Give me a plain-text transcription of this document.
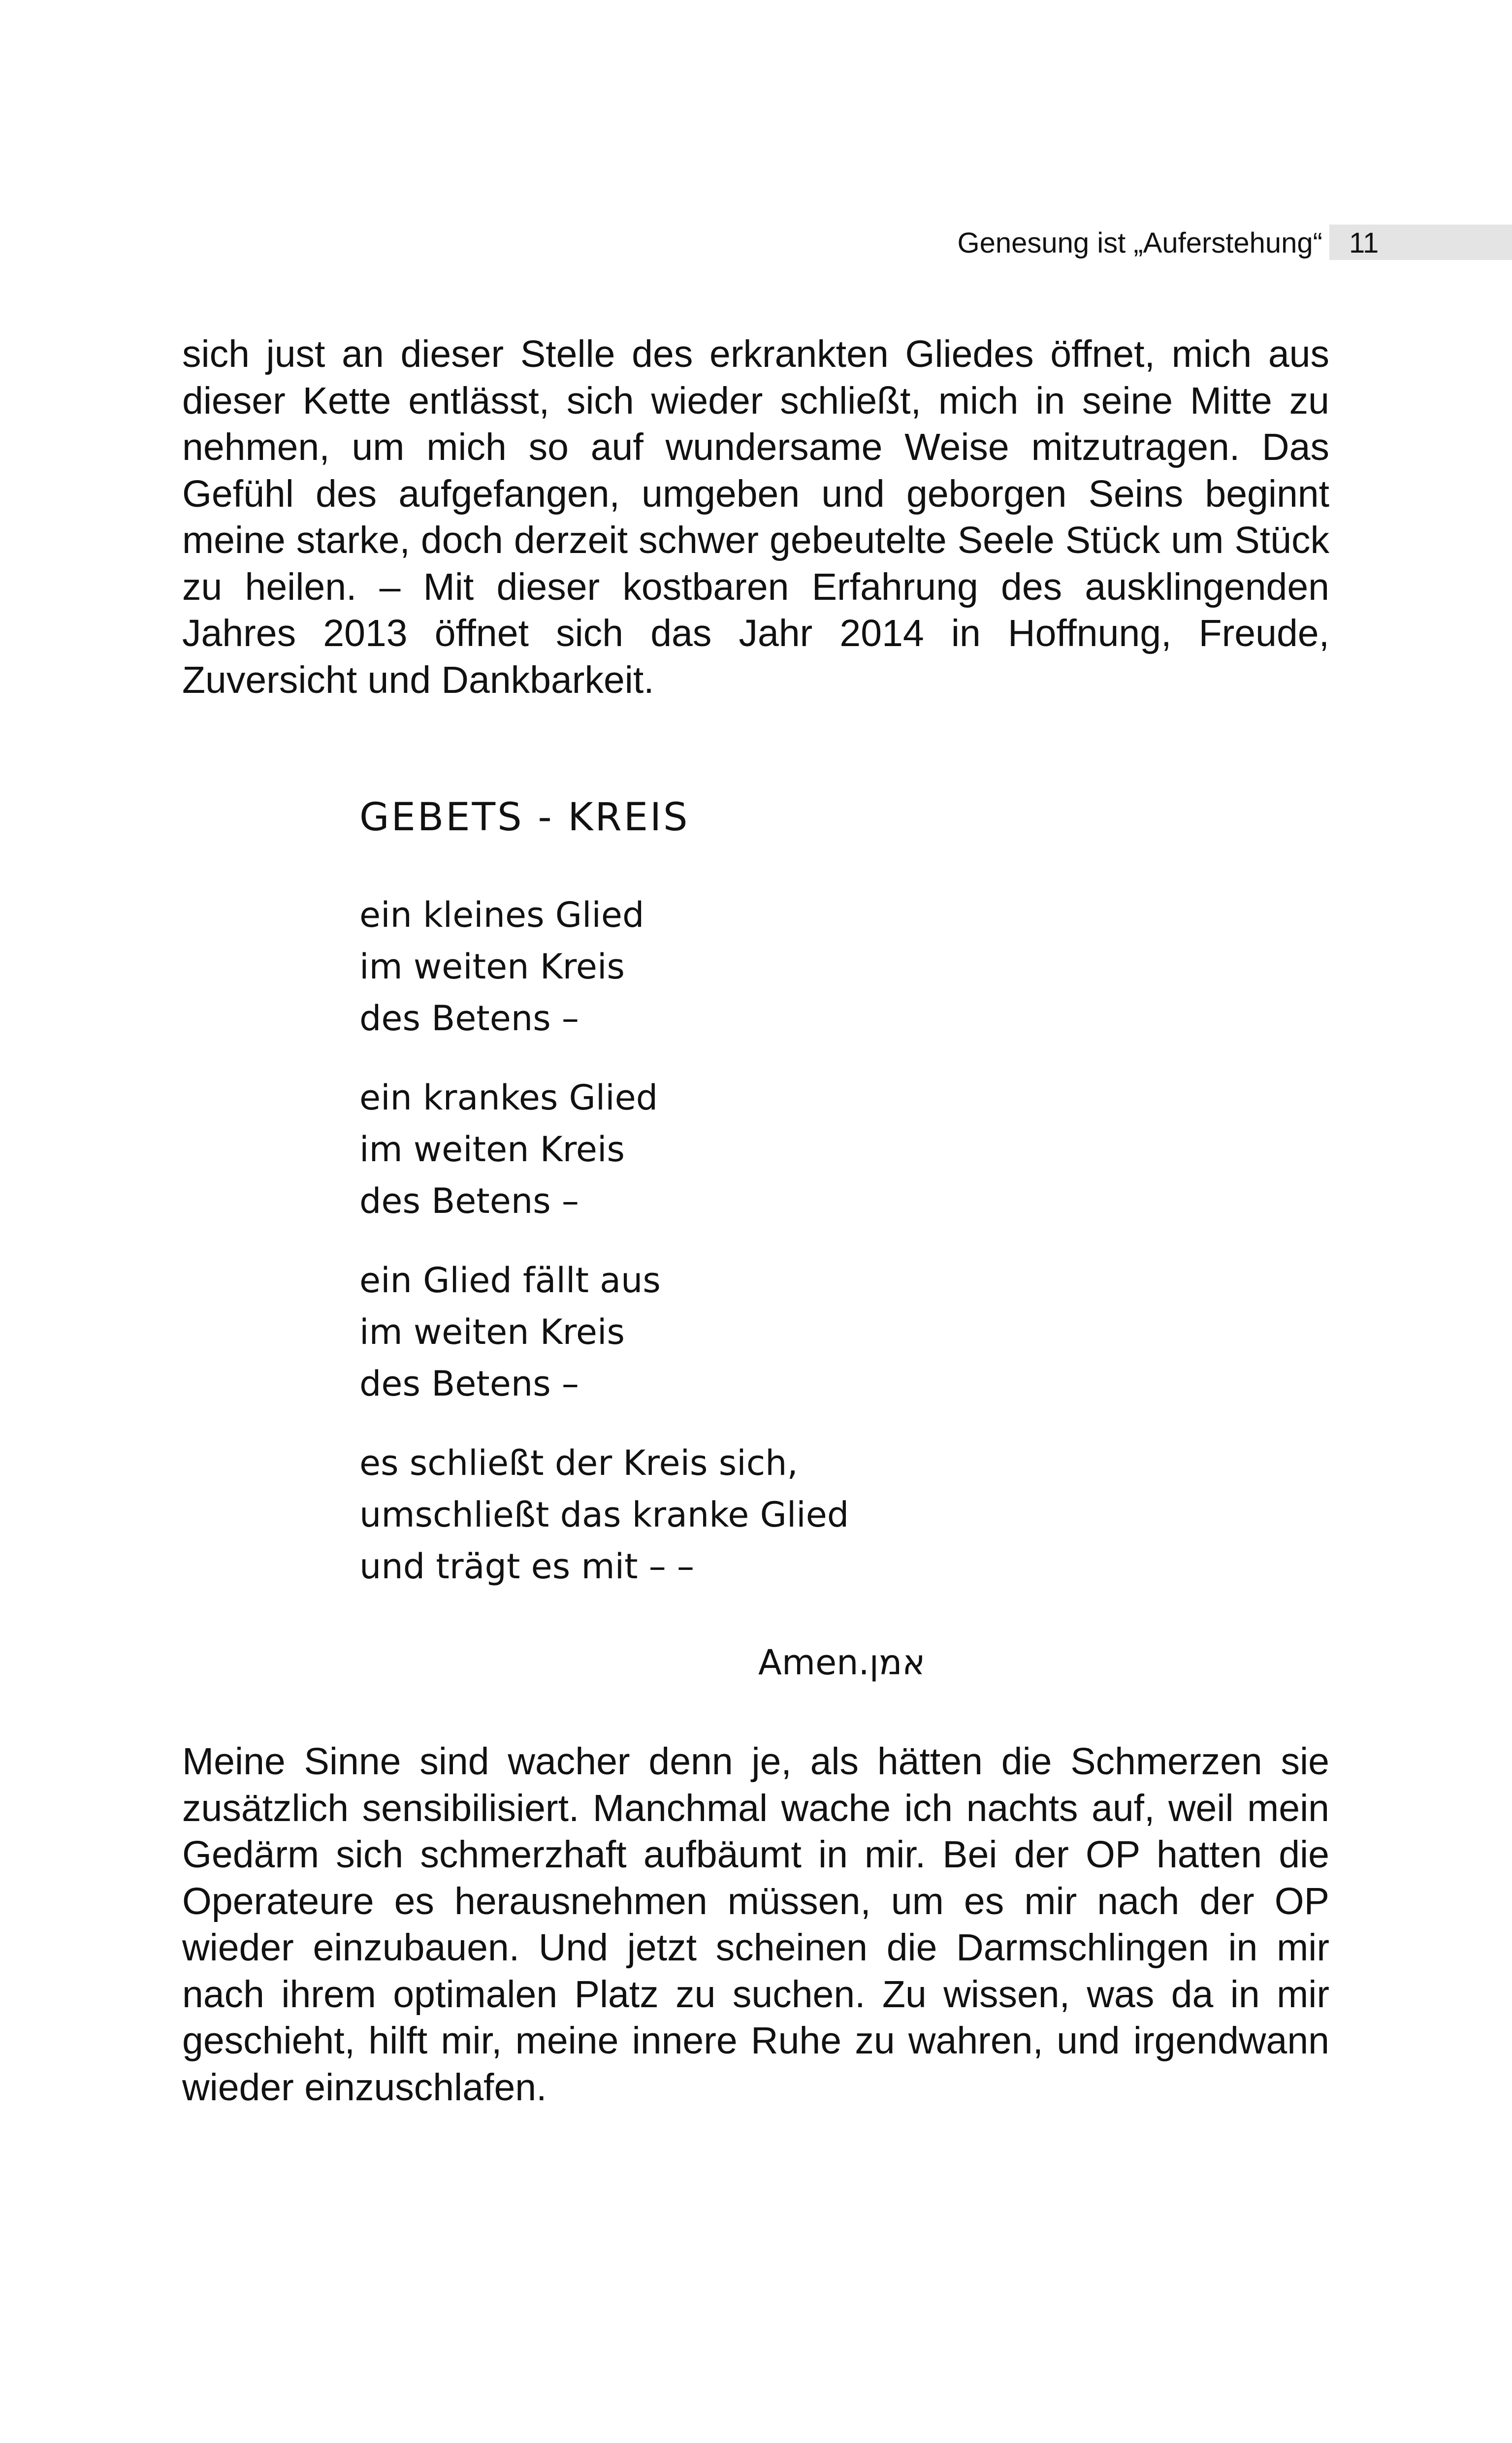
Genesung ist „Auferstehung“ 11

sich just an dieser Stelle des erkrankten Gliedes öffnet, mich aus dieser Kette entlässt, sich wieder schließt, mich in seine Mitte zu nehmen, um mich so auf wundersame Weise mitzutragen. Das Gefühl des aufgefangen, umgeben und geborgen Seins beginnt meine starke, doch derzeit schwer gebeutelte Seele Stück um Stück zu heilen. – Mit dieser kostbaren Erfahrung des ausklingenden Jahres 2013 öffnet sich das Jahr 2014 in Hoffnung, Freude, Zuversicht und Dankbarkeit.

GEBETS - KREIS
ein kleines Glied
im weiten Kreis
des Betens –
ein krankes Glied
im weiten Kreis
des Betens –
ein Glied fällt aus
im weiten Kreis
des Betens –
es schließt der Kreis sich,
umschließt das kranke Glied
und trägt es mit – –
Amen.אמן

Meine Sinne sind wacher denn je, als hätten die Schmerzen sie zusätzlich sensibilisiert. Manchmal wache ich nachts auf, weil mein Gedärm sich schmerzhaft aufbäumt in mir. Bei der OP hatten die Operateure es herausnehmen müssen, um es mir nach der OP wieder einzubauen. Und jetzt scheinen die Darmschlingen in mir nach ihrem optimalen Platz zu suchen. Zu wissen, was da in mir geschieht, hilft mir, meine innere Ruhe zu wahren, und irgendwann wieder einzuschlafen.
